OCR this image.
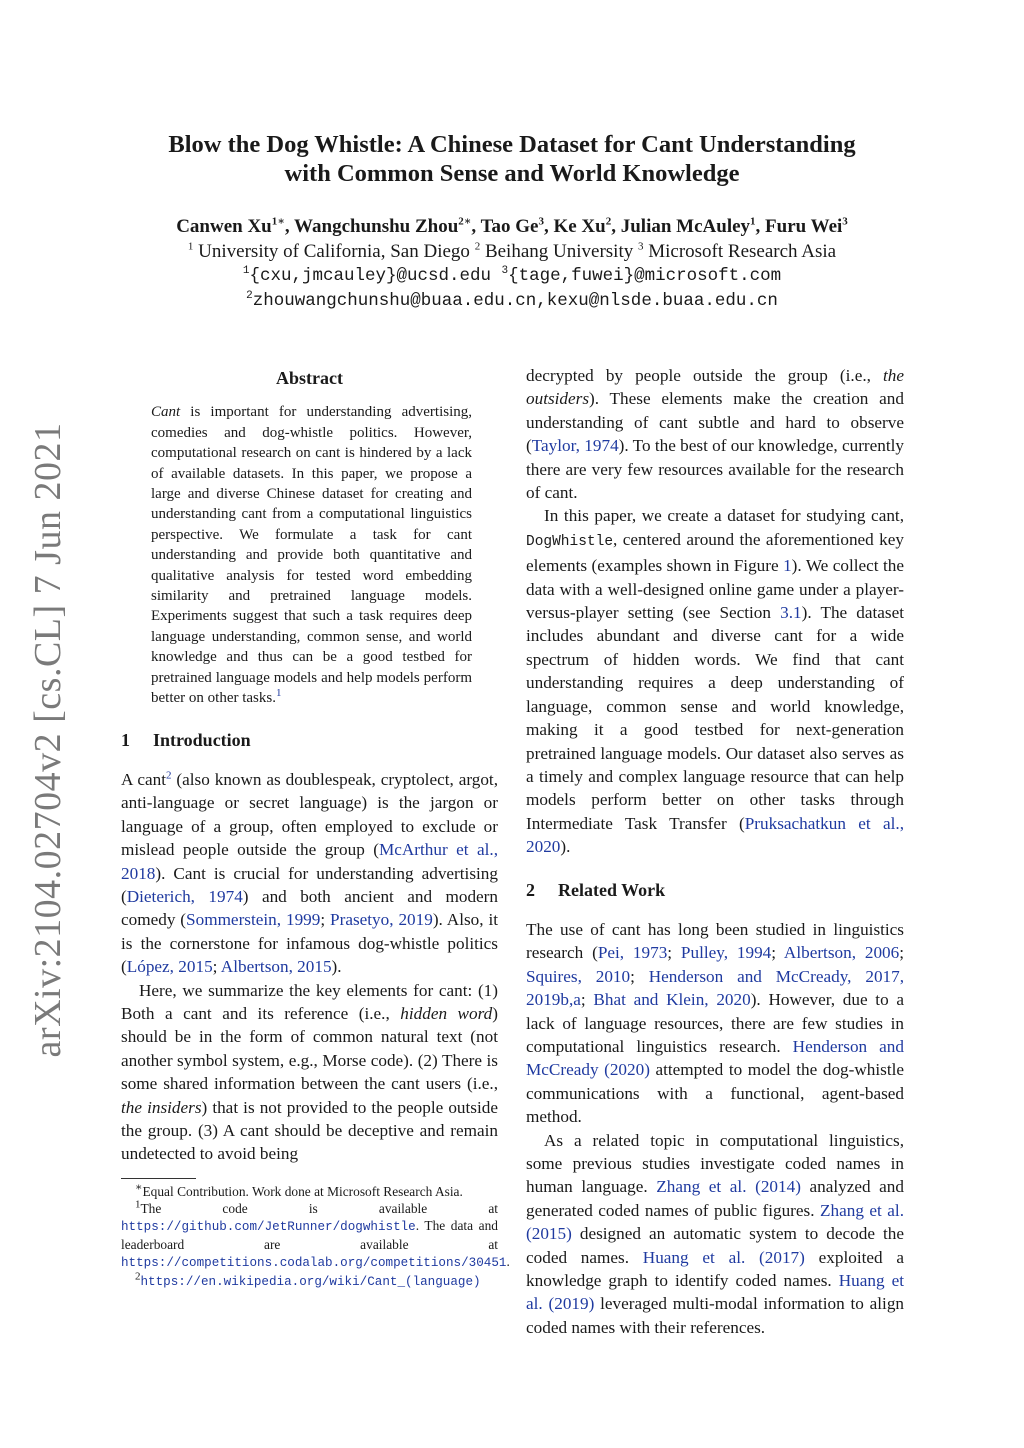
arXiv:2104.02704v2 [cs.CL] 7 Jun 2021
Blow the Dog Whistle: A Chinese Dataset for Cant Understanding
with Common Sense and World Knowledge
Canwen $Xu^{1∗}$, Wangchunshu Zhou$^{2∗}$, Tao Ge$^3$, Ke Xu$^2$, Julian McAuley$^1$, Furu Wei$^3$
$^1$ University of California, San Diego $^2$ Beihang University $^3$ Microsoft Research Asia
$^1${cxu,jmcauley}@ucsd.edu $^3${tage,fuwei}@microsoft.com
$^2$zhouwangchunshu@buaa.edu.cn,kexu@nlsde.buaa.edu.cn
Abstract
Cant is important for understanding advertising, comedies and dog-whistle politics. However, computational research on cant is hindered by a lack of available datasets. In this paper, we propose a large and diverse Chinese dataset for creating and understanding cant from a computational linguistics perspective. We formulate a task for cant understanding and provide both quantitative and qualitative analysis for tested word embedding similarity and pretrained language models. Experiments suggest that such a task requires deep language understanding, common sense, and world knowledge and thus can be a good testbed for pretrained language models and help models perform better on other tasks.$^1$
1 Introduction

A cant$^2$ (also known as doublespeak, cryptolect, argot, anti-language or secret language) is the jargon or language of a group, often employed to exclude or mislead people outside the group (McArthur et al., 2018). Cant is crucial for understanding advertising (Dieterich, 1974) and both ancient and modern comedy (Sommerstein, 1999; Prasetyo, 2019). Also, it is the cornerstone for infamous dog-whistle politics (López, 2015; Albertson, 2015).

Here, we summarize the key elements for cant: (1) Both a cant and its reference (i.e., hidden word) should be in the form of common natural text (not another symbol system, e.g., Morse code). (2) There is some shared information between the cant users (i.e., the insiders) that is not provided to the people outside the group. (3) A cant should be deceptive and remain undetected to avoid being

∗Equal Contribution. Work done at Microsoft Research Asia.

$^1$The code is available at https://github.com/JetRunner/dogwhistle. The data and leaderboard are available at https://competitions.codalab.org/competitions/30451.

$^2$https://en.wikipedia.org/wiki/Cant_(language)

decrypted by people outside the group (i.e., the outsiders). These elements make the creation and understanding of cant subtle and hard to observe (Taylor, 1974). To the best of our knowledge, currently there are very few resources available for the research of cant.

In this paper, we create a dataset for studying cant, DogWhistle, centered around the aforementioned key elements (examples shown in Figure 1). We collect the data with a well-designed online game under a player-versus-player setting (see Section 3.1). The dataset includes abundant and diverse cant for a wide spectrum of hidden words. We find that cant understanding requires a deep understanding of language, common sense and world knowledge, making it a good testbed for next-generation pretrained language models. Our dataset also serves as a timely and complex language resource that can help models perform better on other tasks through Intermediate Task Transfer (Pruksachatkun et al., 2020).

2 Related Work

The use of cant has long been studied in linguistics research (Pei, 1973; Pulley, 1994; Albertson, 2006; Squires, 2010; Henderson and McCready, 2017, 2019b,a; Bhat and Klein, 2020). However, due to a lack of language resources, there are few studies in computational linguistics research. Henderson and McCready (2020) attempted to model the dog-whistle communications with a functional, agent-based method.

As a related topic in computational linguistics, some previous studies investigate coded names in human language. Zhang et al. (2014) analyzed and generated coded names of public figures. Zhang et al. (2015) designed an automatic system to decode the coded names. Huang et al. (2017) exploited a knowledge graph to identify coded names. Huang et al. (2019) leveraged multi-modal information to align coded names with their references.
